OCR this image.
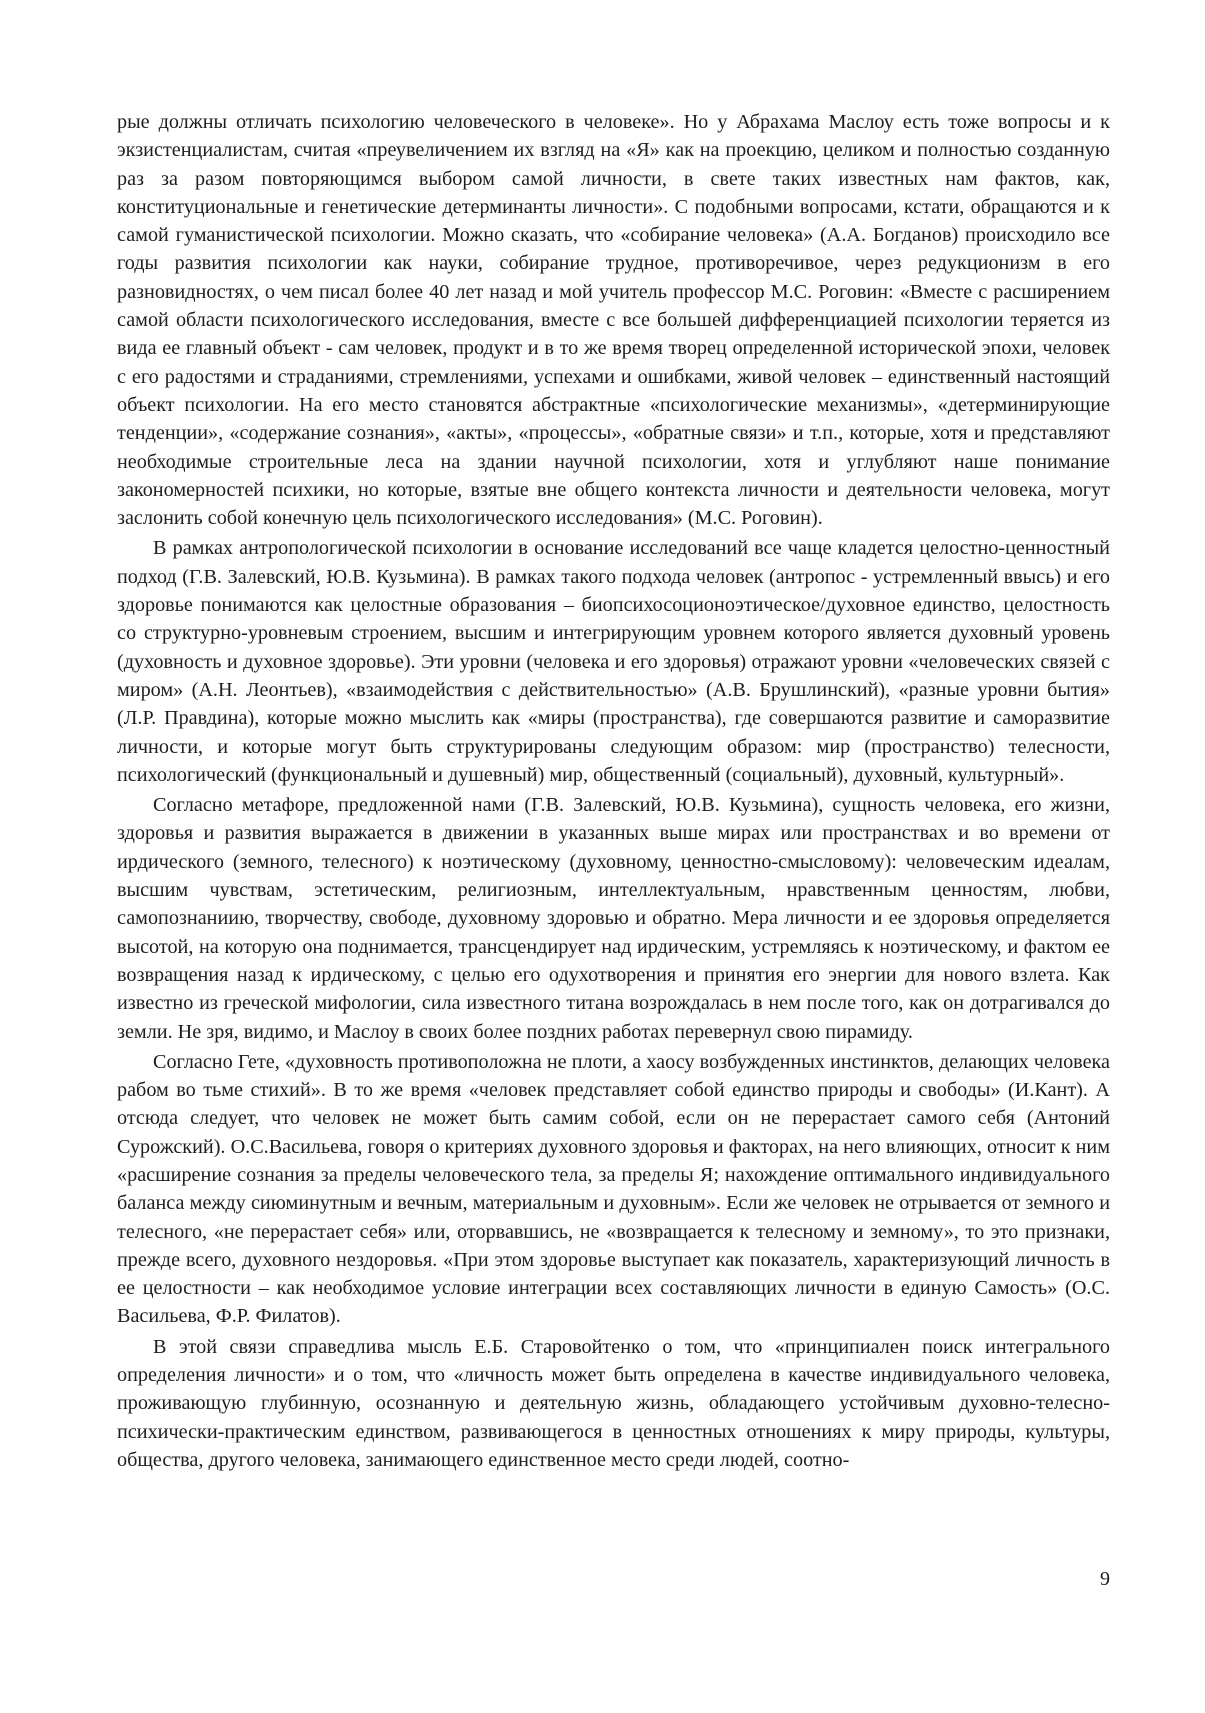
рые должны отличать психологию человеческого в человеке». Но у Абрахама Маслоу есть тоже вопросы и к экзистенциалистам, считая «преувеличением их взгляд на «Я» как на проекцию, целиком и полностью созданную раз за разом повторяющимся выбором самой личности, в свете таких известных нам фактов, как, конституциональные и генетические детерминанты личности». С подобными вопросами, кстати, обращаются и к самой гуманистической психологии. Можно сказать, что «собирание человека» (А.А. Богданов) происходило все годы развития психологии как науки, собирание трудное, противоречивое, через редукционизм в его разновидностях, о чем писал более 40 лет назад и мой учитель профессор М.С. Роговин: «Вместе с расширением самой области психологического исследования, вместе с все большей дифференциацией психологии теряется из вида ее главный объект - сам человек, продукт и в то же время творец определенной исторической эпохи, человек с его радостями и страданиями, стремлениями, успехами и ошибками, живой человек – единственный настоящий объект психологии. На его место становятся абстрактные «психологические механизмы», «детерминирующие тенденции», «содержание сознания», «акты», «процессы», «обратные связи» и т.п., которые, хотя и представляют необходимые строительные леса на здании научной психологии, хотя и углубляют наше понимание закономерностей психики, но которые, взятые вне общего контекста личности и деятельности человека, могут заслонить собой конечную цель психологического исследования» (М.С. Роговин).

В рамках антропологической психологии в основание исследований все чаще кладется целостно-ценностный подход (Г.В. Залевский, Ю.В. Кузьмина). В рамках такого подхода человек (антропос - устремленный ввысь) и его здоровье понимаются как целостные образования – биопсихосоционоэтическое/духовное единство, целостность со структурно-уровневым строением, высшим и интегрирующим уровнем которого является духовный уровень (духовность и духовное здоровье). Эти уровни (человека и его здоровья) отражают уровни «человеческих связей с миром» (А.Н. Леонтьев), «взаимодействия с действительностью» (А.В. Брушлинский), «разные уровни бытия» (Л.Р. Правдина), которые можно мыслить как «миры (пространства), где совершаются развитие и саморазвитие личности, и которые могут быть структурированы следующим образом: мир (пространство) телесности, психологический (функциональный и душевный) мир, общественный (социальный), духовный, культурный».

Согласно метафоре, предложенной нами (Г.В. Залевский, Ю.В. Кузьмина), сущность человека, его жизни, здоровья и развития выражается в движении в указанных выше мирах или пространствах и во времени от ирдического (земного, телесного) к ноэтическому (духовному, ценностно-смысловому): человеческим идеалам, высшим чувствам, эстетическим, религиозным, интеллектуальным, нравственным ценностям, любви, самопознаниию, творчеству, свободе, духовному здоровью и обратно. Мера личности и ее здоровья определяется высотой, на которую она поднимается, трансцендирует над ирдическим, устремляясь к ноэтическому, и фактом ее возвращения назад к ирдическому, с целью его одухотворения и принятия его энергии для нового взлета. Как известно из греческой мифологии, сила известного титана возрождалась в нем после того, как он дотрагивался до земли. Не зря, видимо, и Маслоу в своих более поздних работах перевернул свою пирамиду.

Согласно Гете, «духовность противоположна не плоти, а хаосу возбужденных инстинктов, делающих человека рабом во тьме стихий». В то же время «человек представляет собой единство природы и свободы» (И.Кант). А отсюда следует, что человек не может быть самим собой, если он не перерастает самого себя (Антоний Сурожский). О.С.Васильева, говоря о критериях духовного здоровья и факторах, на него влияющих, относит к ним «расширение сознания за пределы человеческого тела, за пределы Я; нахождение оптимального индивидуального баланса между сиюминутным и вечным, материальным и духовным». Если же человек не отрывается от земного и телесного, «не перерастает себя» или, оторвавшись, не «возвращается к телесному и земному», то это признаки, прежде всего, духовного нездоровья. «При этом здоровье выступает как показатель, характеризующий личность в ее целостности – как необходимое условие интеграции всех составляющих личности в единую Самость» (О.С. Васильева, Ф.Р. Филатов).

В этой связи справедлива мысль Е.Б. Старовойтенко о том, что «принципиален поиск интегрального определения личности» и о том, что «личность может быть определена в качестве индивидуального человека, проживающую глубинную, осознанную и деятельную жизнь, обладающего устойчивым духовно-телесно-психически-практическим единством, развивающегося в ценностных отношениях к миру природы, культуры, общества, другого человека, занимающего единственное место среди людей, соотно-

9
